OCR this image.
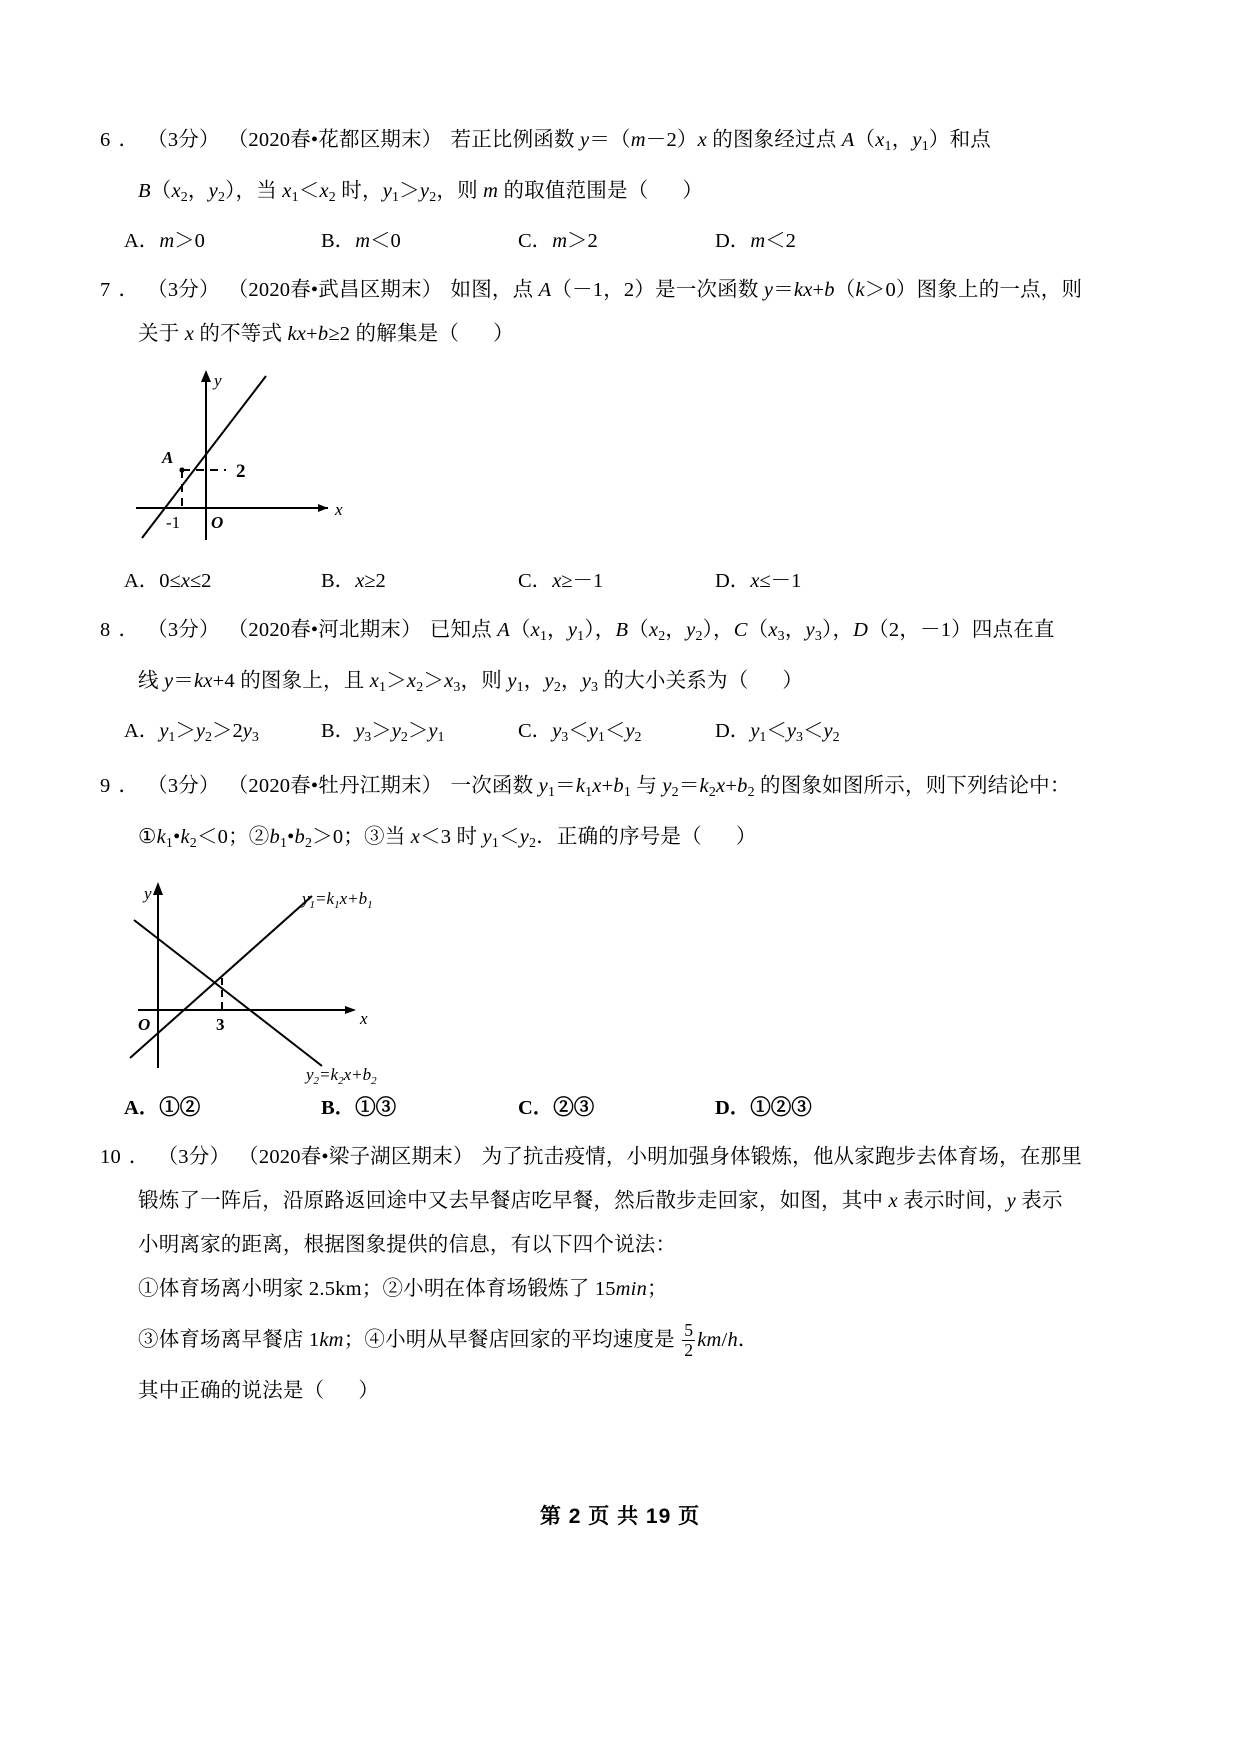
6 ． （3分） （2020春•花都区期末） 若正比例函数 y＝（m－2）x 的图象经过点 $A(x_1$，$y_1$）和点
$B(x_2$，$y_2$），当 $x_1<x_2$ 时，$y_1>y_2$，则 m 的取值范围是（ ）
A．m＞0	B．m＜0	C．m＞2	D．m＜2
7 ． （3分） （2020春•武昌区期末） 如图，点 A（－1，2）是一次函数 y＝kx+b（k＞0）图象上的一点，则
关于 x 的不等式 kx+b≥2 的解集是（ ）
A
2
-1 O
y
x
A．0≤x≤2	B．x≥2	C．x≥－1	D．x≤－1
8 ． （3分） （2020春•河北期末） 已知点 $A(x_1$，$y_1$），$B(x_2$，$y_2$），$C(x_3$，$y_3$），D（2，－1）四点在直
线 y＝kx+4 的图象上，且 $x_1>x_2>x_3$，则 $y_1$，$y_2$，$y_3$ 的大小关系为（ ）
A．$y_1>y_2>2y_3$	B．$y_3>y_2>y_1$	C．$y_3<y_1<y_2$	D．$y_1<y_3<y_2$
9 ． （3分） （2020春•牡丹江期末） 一次函数 $y_1=k_1x+b_1$ 与 $y_2=k_2x+b_2$ 的图象如图所示，则下列结论中：
$①k_1•k_2<0$；$②b_1•b_2>0$；③当 x＜3 时 $y_1<y_2$．正确的序号是（ ）
y
x
O	3
$y_1=k_1x+b_1$
$y_2=k_2x+b_2$
A．①②	B．①③	C．②③	D．①②③
10 ． （3分） （2020春•梁子湖区期末） 为了抗击疫情，小明加强身体锻炼，他从家跑步去体育场，在那里
锻炼了一阵后，沿原路返回途中又去早餐店吃早餐，然后散步走回家，如图，其中 x 表示时间，y 表示
小明离家的距离，根据图象提供的信息，有以下四个说法：
①体育场离小明家 2.5km；②小明在体育场锻炼了 15min；
③体育场离早餐店 1km；④小明从早餐店回家的平均速度是 $\frac{5}{2} km/h$．
其中正确的说法是（ ）
第 2 页 共 19 页
